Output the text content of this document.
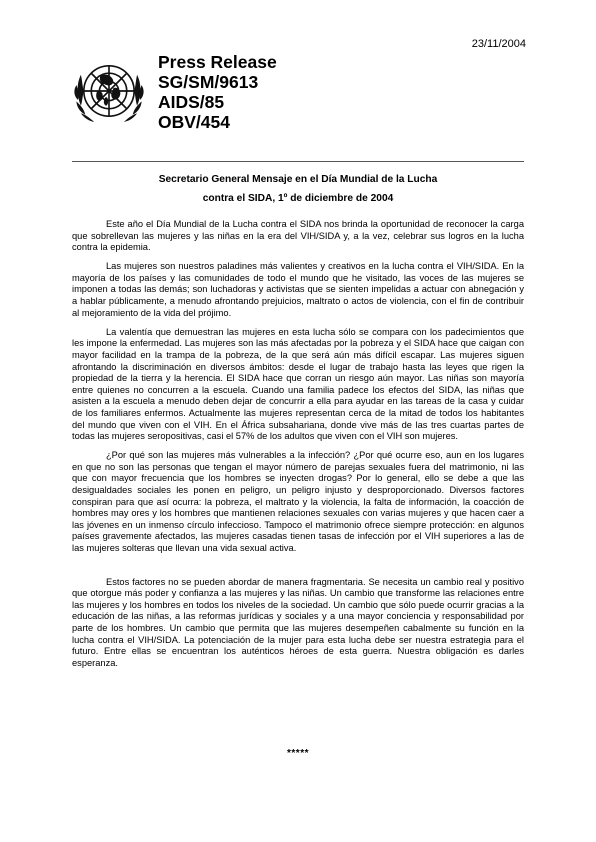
23/11/2004
Press Release
SG/SM/9613
AIDS/85
OBV/454
Secretario General Mensaje en el Día Mundial de la Lucha
contra el SIDA, 1º de diciembre de 2004

Este año el Día Mundial de la Lucha contra el SIDA nos brinda la oportunidad de reconocer la carga que sobrellevan las mujeres y las niñas en la era del VIH/SIDA y, a la vez, celebrar sus logros en la lucha contra la epidemia.

Las mujeres son nuestros paladines más valientes y creativos en la lucha contra el VIH/SIDA. En la mayoría de los países y las comunidades de todo el mundo que he visitado, las voces de las mujeres se imponen a todas las demás; son luchadoras y activistas que se sienten impelidas a actuar con abnegación y a hablar públicamente, a menudo afrontando prejuicios, maltrato o actos de violencia, con el fin de contribuir al mejoramiento de la vida del prójimo.

La valentía que demuestran las mujeres en esta lucha sólo se compara con los padecimientos que les impone la enfermedad. Las mujeres son las más afectadas por la pobreza y el SIDA hace que caigan con mayor facilidad en la trampa de la pobreza, de la que será aún más difícil escapar. Las mujeres siguen afrontando la discriminación en diversos ámbitos: desde el lugar de trabajo hasta las leyes que rigen la propiedad de la tierra y la herencia. El SIDA hace que corran un riesgo aún mayor. Las niñas son mayoría entre quienes no concurren a la escuela. Cuando una familia padece los efectos del SIDA, las niñas que asisten a la escuela a menudo deben dejar de concurrir a ella para ayudar en las tareas de la casa y cuidar de los familiares enfermos. Actualmente las mujeres representan cerca de la mitad de todos los habitantes del mundo que viven con el VIH. En el África subsahariana, donde vive más de las tres cuartas partes de todas las mujeres seropositivas, casi el 57% de los adultos que viven con el VIH son mujeres.

¿Por qué son las mujeres más vulnerables a la infección? ¿Por qué ocurre eso, aun en los lugares en que no son las personas que tengan el mayor número de parejas sexuales fuera del matrimonio, ni las que con mayor frecuencia que los hombres se inyecten drogas? Por lo general, ello se debe a que las desigualdades sociales les ponen en peligro, un peligro injusto y desproporcionado. Diversos factores conspiran para que así ocurra: la pobreza, el maltrato y la violencia, la falta de información, la coacción de hombres may ores y los hombres que mantienen relaciones sexuales con varias mujeres y que hacen caer a las jóvenes en un inmenso círculo infeccioso. Tampoco el matrimonio ofrece siempre protección: en algunos países gravemente afectados, las mujeres casadas tienen tasas de infección por el VIH superiores a las de las mujeres solteras que llevan una vida sexual activa.

Estos factores no se pueden abordar de manera fragmentaria. Se necesita un cambio real y positivo que otorgue más poder y confianza a las mujeres y las niñas. Un cambio que transforme las relaciones entre las mujeres y los hombres en todos los niveles de la sociedad. Un cambio que sólo puede ocurrir gracias a la educación de las niñas, a las reformas jurídicas y sociales y a una mayor conciencia y responsabilidad por parte de los hombres. Un cambio que permita que las mujeres desempeñen cabalmente su función en la lucha contra el VIH/SIDA. La potenciación de la mujer para esta lucha debe ser nuestra estrategia para el futuro. Entre ellas se encuentran los auténticos héroes de esta guerra. Nuestra obligación es darles esperanza.

*****
